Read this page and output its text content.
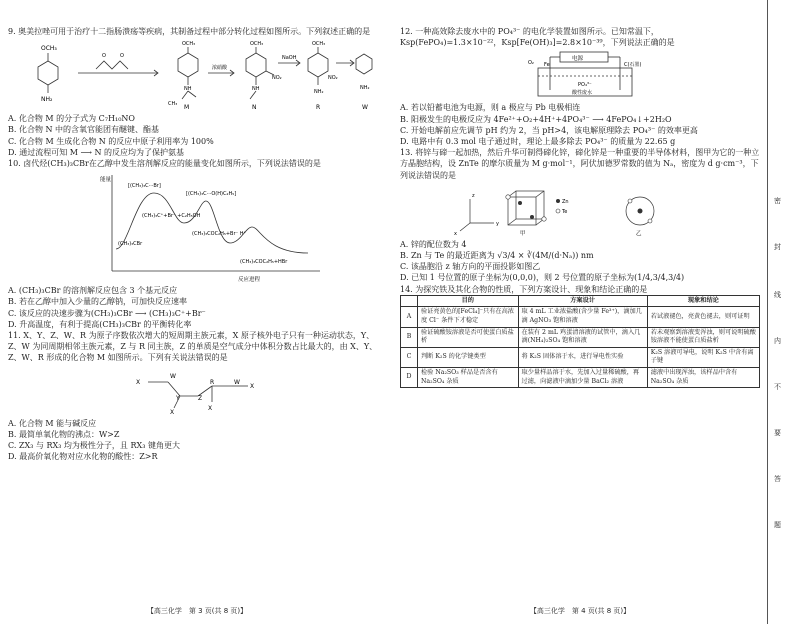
9. 奥美拉唑可用于治疗十二指肠溃疡等疾病，其制备过程中部分转化过程如图所示。下列叙述正确的是

OCH₃
NH₂
O	O
OCH₃
NH
CH₃ M
浓硝酸
OCH₃
NO₂
NH
N
NaOH
OCH₃
NO₂
NH₂
R
NH₂
W

A. 化合物 M 的分子式为 C₇H₁₀NO

B. 化合物 N 中的含氧官能团有醚键、酯基

C. 化合物 M 生成化合物 N 的反应中原子利用率为 100%

D. 通过流程可知 M ⟶ N 的反应均为了保护氨基

10. 卤代烃(CH₃)₃CBr在乙醇中发生溶剂解反应的能量变化如图所示，下列说法错误的是

能量
反应进程
[(CH₃)₃C···Br]
[(CH₃)₃C···O(H)C₂H₅]
(CH₃)₃C⁺+Br⁻ +C₂H₅OH
(CH₃)₃COC₂H₅+Br⁻ H⁺
(CH₃)₃CBr
(CH₃)₃COC₂H₅+HBr

A. (CH₃)₃CBr 的溶剂解反应包含 3 个基元反应

B. 若在乙醇中加入少量的乙醇钠，可加快反应速率

C. 该反应的决速步骤为(CH₃)₃CBr ⟶ (CH₃)₃C⁺+Br⁻

D. 升高温度，有利于提高(CH₃)₃CBr 的平衡转化率

11. X、Y、Z、W、R 为原子序数依次增大的短周期主族元素，X 原子核外电子只有一种运动状态，Y、Z、W 为同周期相邻主族元素，Z 与 R 同主族，Z 的单质是空气成分中体积分数占比最大的，由 X、Y、Z、W、R 形成的化合物 M 如图所示。下列有关说法错误的是

X
W
Y	Z
R	W
X
X
X

A. 化合物 M 能与碱反应

B. 最简单氧化物的沸点：W>Z

C. ZX₃ 与 RX₃ 均为极性分子，且 RX₃ 键角更大

D. 最高价氧化物对应水化物的酸性：Z>R

【高三化学　第 3 页(共 8 页)】

12. 一种高效除去废水中的 PO₄³⁻ 的电化学装置如图所示。已知常温下，Ksp(FePO₄)=1.3×10⁻²²，Ksp[Fe(OH)₃]=2.8×10⁻³⁹，下列说法正确的是

电源
O₂ Fe	C(石墨)
PO₄³⁻
酸性废水

A. 若以铅蓄电池为电源，则 a 极应与 Pb 电极相连

B. 阳极发生的电极反应为 4Fe²⁺+O₂+4H⁺+4PO₄³⁻ ⟶ 4FePO₄↓+2H₂O

C. 开始电解前应先调节 pH 约为 2，当 pH>4，该电解原理除去 PO₄³⁻ 的效率更高

D. 电路中有 0.3 mol 电子通过时，理论上最多除去 PO₄³⁻ 的质量为 22.65 g

13. 将锌与碲一起加热，然后升华可制得碲化锌，碲化锌是一种重要的半导体材料，图甲为它的一种立方晶胞结构，设 ZnTe 的摩尔质量为 M g·mol⁻¹，阿伏加德罗常数的值为 Nₐ，密度为 d g·cm⁻³，下列说法错误的是

z
y
x
Zn
Te
甲	乙

A. 锌的配位数为 4

B. Zn 与 Te 的最近距离为 √3/4 × ∛(4M/(d·Nₐ)) nm

C. 该晶胞沿 z 轴方向的平面投影如图乙

D. 已知 1 号位置的原子坐标为(0,0,0)，则 2 号位置的原子坐标为(1/4,3/4,3/4)

14. 为探究铁及其化合物的性质，下列方案设计、现象和结论正确的是

	目的	方案设计	现象和结论
A	验证亮黄色的[FeCl₄]⁻只有在高浓度 Cl⁻ 条件下才稳定	取 4 mL 工业浓盐酸(含少量 Fe³⁺)，滴加几滴 AgNO₃ 饱和溶液	若试液褪色，亮黄色褪去，则可证明
B	验证硫酸铵溶液是否可使蛋白质盐析	在装有 2 mL 鸡蛋清溶液的试管中，滴入几滴(NH₄)₂SO₄ 饱和溶液	若未观察到溶液变浑浊，则可说明硫酸铵溶液不能使蛋白质盐析
C	判断 K₂S 的化学键类型	将 K₂S 固体溶于水，进行导电性实验	K₂S 溶液可导电，说明 K₂S 中含有离子键
D	检验 Na₂SO₃ 样品是否含有 Na₂SO₄ 杂质	取少量样品溶于水，先加入过量稀硫酸，再过滤，向滤液中滴加少量 BaCl₂ 溶液	滤液中出现浑浊，该样品中含有 Na₂SO₄ 杂质
【高三化学　第 4 页(共 8 页)】
密
封
线
内
不
要
答
题
